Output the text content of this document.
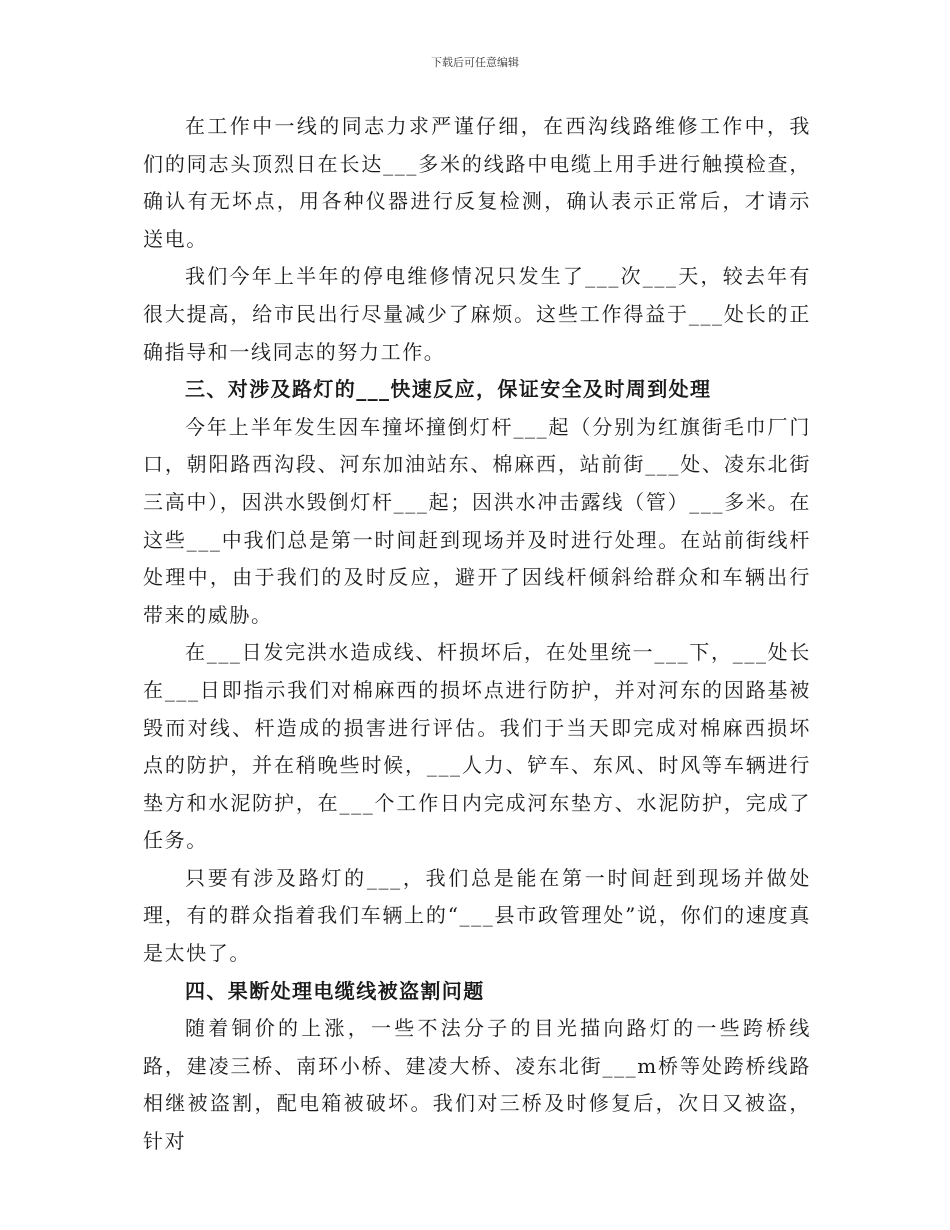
下载后可任意编辑

在工作中一线的同志力求严谨仔细，在西沟线路维修工作中，我们的同志头顶烈日在长达___多米的线路中电缆上用手进行触摸检查，确认有无坏点，用各种仪器进行反复检测，确认表示正常后，才请示送电。

我们今年上半年的停电维修情况只发生了___次___天，较去年有很大提高，给市民出行尽量减少了麻烦。这些工作得益于___处长的正确指导和一线同志的努力工作。

三、对涉及路灯的___快速反应，保证安全及时周到处理

今年上半年发生因车撞坏撞倒灯杆___起（分别为红旗街毛巾厂门口，朝阳路西沟段、河东加油站东、棉麻西，站前街___处、凌东北街三高中），因洪水毁倒灯杆___起；因洪水冲击露线（管）___多米。在这些___中我们总是第一时间赶到现场并及时进行处理。在站前街线杆处理中，由于我们的及时反应，避开了因线杆倾斜给群众和车辆出行带来的威胁。

在___日发完洪水造成线、杆损坏后，在处里统一___下，___处长在___日即指示我们对棉麻西的损坏点进行防护，并对河东的因路基被毁而对线、杆造成的损害进行评估。我们于当天即完成对棉麻西损坏点的防护，并在稍晚些时候，___人力、铲车、东风、时风等车辆进行垫方和水泥防护，在___个工作日内完成河东垫方、水泥防护，完成了任务。

只要有涉及路灯的___，我们总是能在第一时间赶到现场并做处理，有的群众指着我们车辆上的“___县市政管理处”说，你们的速度真是太快了。

四、果断处理电缆线被盗割问题

随着铜价的上涨，一些不法分子的目光描向路灯的一些跨桥线路，建凌三桥、南环小桥、建凌大桥、凌东北街___m桥等处跨桥线路相继被盗割，配电箱被破坏。我们对三桥及时修复后，次日又被盗，针对
